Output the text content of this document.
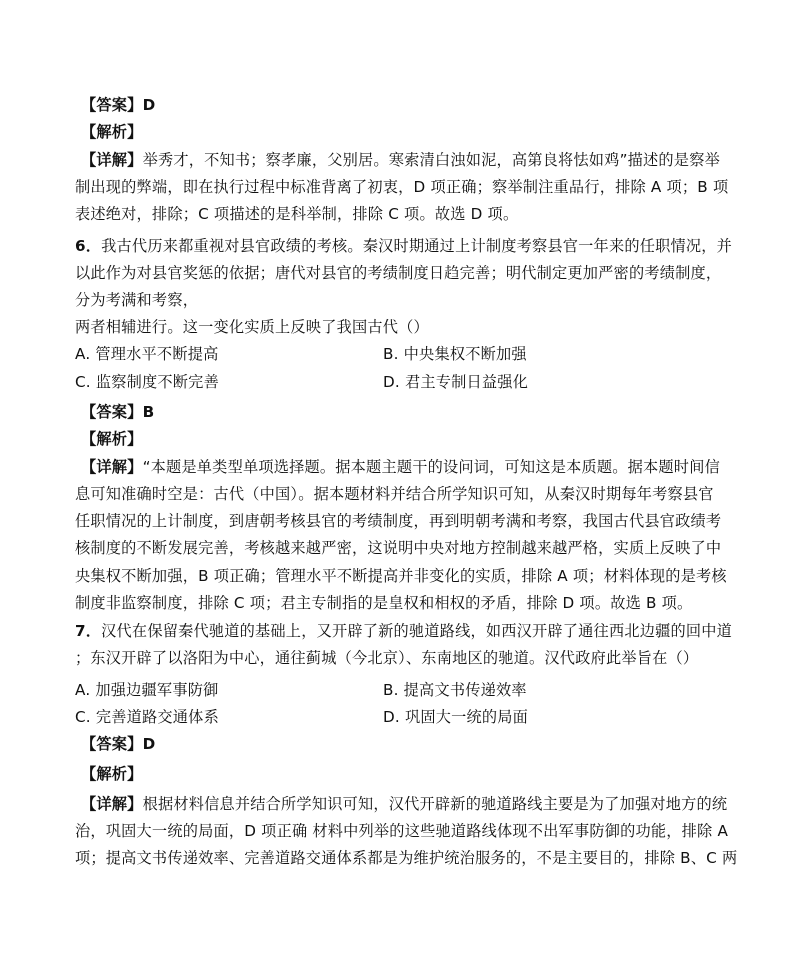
【答案】D
【解析】
【详解】举秀才，不知书；察孝廉，父别居。寒索清白浊如泥，高第良将怯如鸡”描述的是察举
制出现的弊端，即在执行过程中标准背离了初衷，D 项正确；察举制注重品行，排除 A 项；B 项
表述绝对，排除；C 项描述的是科举制，排除 C 项。故选 D 项。
6．我古代历来都重视对县官政绩的考核。秦汉时期通过上计制度考察县官一年来的任职情况，并
以此作为对县官奖惩的依据；唐代对县官的考绩制度日趋完善；明代制定更加严密的考绩制度，
分为考满和考察，
两者相辅进行。这一变化实质上反映了我国古代（）
A. 管理水平不断提高	B. 中央集权不断加强
C. 监察制度不断完善	D. 君主专制日益强化
【答案】B
【解析】
【详解】“本题是单类型单项选择题。据本题主题干的设问词，可知这是本质题。据本题时间信
息可知准确时空是：古代（中国）。据本题材料并结合所学知识可知，从秦汉时期每年考察县官
任职情况的上计制度，到唐朝考核县官的考绩制度，再到明朝考满和考察，我国古代县官政绩考
核制度的不断发展完善，考核越来越严密，这说明中央对地方控制越来越严格，实质上反映了中
央集权不断加强，B 项正确；管理水平不断提高并非变化的实质，排除 A 项；材料体现的是考核
制度非监察制度，排除 C 项；君主专制指的是皇权和相权的矛盾，排除 D 项。故选 B 项。
7．汉代在保留秦代驰道的基础上，又开辟了新的驰道路线，如西汉开辟了通往西北边疆的回中道
；东汉开辟了以洛阳为中心，通往蓟城（今北京）、东南地区的驰道。汉代政府此举旨在（）
A. 加强边疆军事防御	B. 提高文书传递效率
C. 完善道路交通体系	D. 巩固大一统的局面
【答案】D
【解析】
【详解】根据材料信息并结合所学知识可知，汉代开辟新的驰道路线主要是为了加强对地方的统
治，巩固大一统的局面，D 项正确 材料中列举的这些驰道路线体现不出军事防御的功能，排除 A
项；提高文书传递效率、完善道路交通体系都是为维护统治服务的，不是主要目的，排除 B、C 两
